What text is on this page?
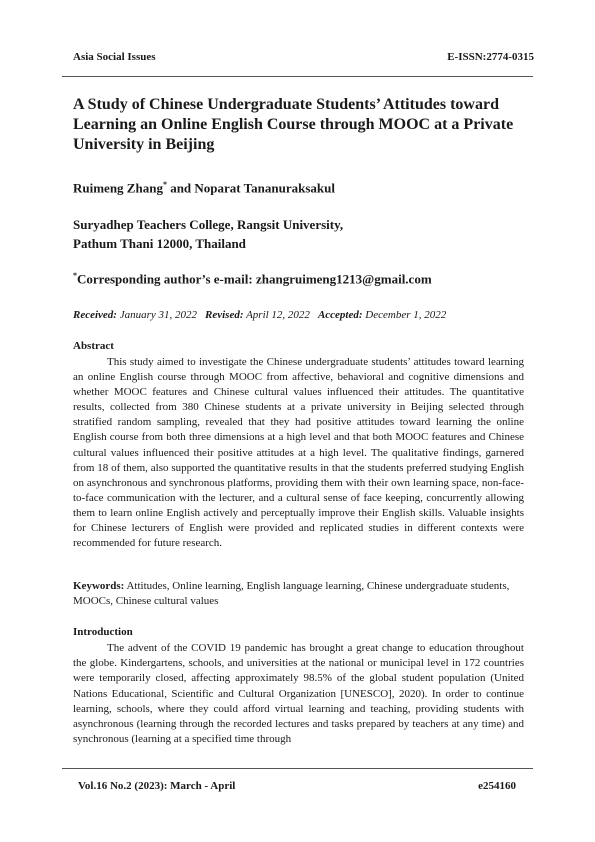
Asia Social Issues	E-ISSN:2774-0315
A Study of Chinese Undergraduate Students’ Attitudes toward Learning an Online English Course through MOOC at a Private University in Beijing
Ruimeng Zhang* and Noparat Tananuraksakul
Suryadhep Teachers College, Rangsit University,
Pathum Thani 12000, Thailand
*Corresponding author’s e-mail: zhangruimeng1213@gmail.com
Received: January 31, 2022 Revised: April 12, 2022 Accepted: December 1, 2022
Abstract

This study aimed to investigate the Chinese undergraduate students’ attitudes toward learning an online English course through MOOC from affective, behavioral and cognitive dimensions and whether MOOC features and Chinese cultural values influenced their attitudes. The quantitative results, collected from 380 Chinese students at a private university in Beijing selected through stratified random sampling, revealed that they had positive attitudes toward learning the online English course from both three dimensions at a high level and that both MOOC features and Chinese cultural values influenced their positive attitudes at a high level. The qualitative findings, garnered from 18 of them, also supported the quantitative results in that the students preferred studying English on asynchronous and synchronous platforms, providing them with their own learning space, non-face-to-face communication with the lecturer, and a cultural sense of face keeping, concurrently allowing them to learn online English actively and perceptually improve their English skills. Valuable insights for Chinese lecturers of English were provided and replicated studies in different contexts were recommended for future research.

Keywords: Attitudes, Online learning, English language learning, Chinese undergraduate students, MOOCs, Chinese cultural values

Introduction

The advent of the COVID 19 pandemic has brought a great change to education throughout the globe. Kindergartens, schools, and universities at the national or municipal level in 172 countries were temporarily closed, affecting approximately 98.5% of the global student population (United Nations Educational, Scientific and Cultural Organization [UNESCO], 2020). In order to continue learning, schools, where they could afford virtual learning and teaching, providing students with asynchronous (learning through the recorded lectures and tasks prepared by teachers at any time) and synchronous (learning at a specified time through

Vol.16 No.2 (2023): March - April	e254160
